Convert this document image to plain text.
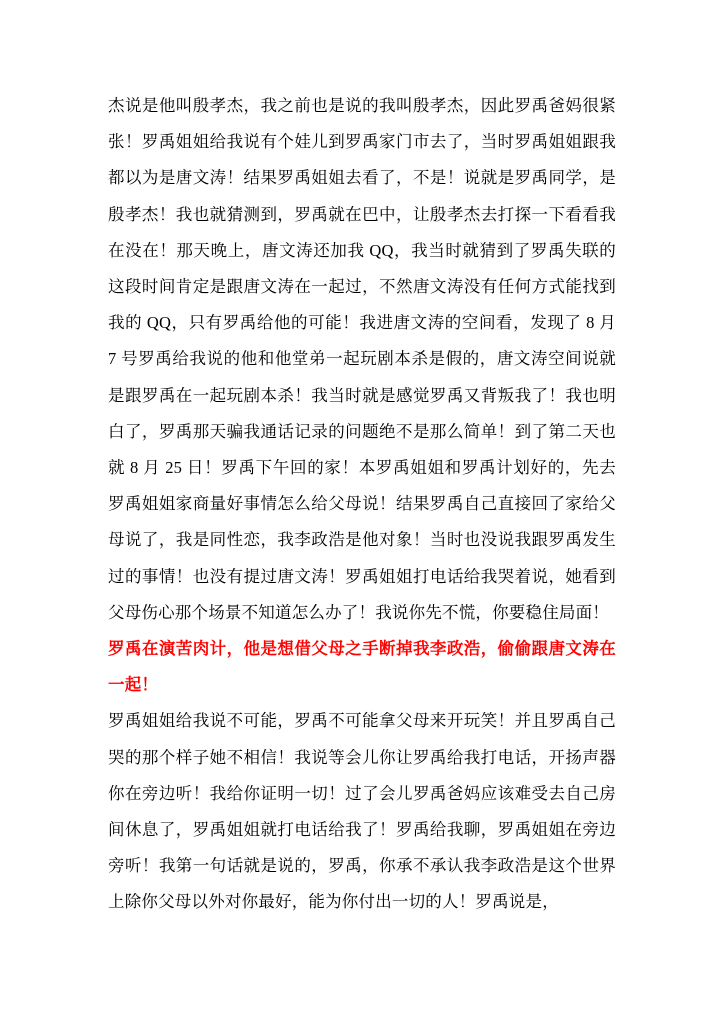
杰说是他叫殷孝杰，我之前也是说的我叫殷孝杰，因此罗禹爸妈很紧张！罗禹姐姐给我说有个娃儿到罗禹家门市去了，当时罗禹姐姐跟我都以为是唐文涛！结果罗禹姐姐去看了，不是！说就是罗禹同学，是殷孝杰！我也就猜测到，罗禹就在巴中，让殷孝杰去打探一下看看我在没在！那天晚上，唐文涛还加我 QQ，我当时就猜到了罗禹失联的这段时间肯定是跟唐文涛在一起过，不然唐文涛没有任何方式能找到我的 QQ，只有罗禹给他的可能！我进唐文涛的空间看，发现了 8 月 7 号罗禹给我说的他和他堂弟一起玩剧本杀是假的，唐文涛空间说就是跟罗禹在一起玩剧本杀！我当时就是感觉罗禹又背叛我了！我也明白了，罗禹那天骗我通话记录的问题绝不是那么简单！到了第二天也就 8 月 25 日！罗禹下午回的家！本罗禹姐姐和罗禹计划好的，先去罗禹姐姐家商量好事情怎么给父母说！结果罗禹自己直接回了家给父母说了，我是同性恋，我李政浩是他对象！当时也没说我跟罗禹发生过的事情！也没有提过唐文涛！罗禹姐姐打电话给我哭着说，她看到父母伤心那个场景不知道怎么办了！我说你先不慌，你要稳住局面！

罗禹在演苦肉计，他是想借父母之手断掉我李政浩，偷偷跟唐文涛在一起！

罗禹姐姐给我说不可能，罗禹不可能拿父母来开玩笑！并且罗禹自己哭的那个样子她不相信！我说等会儿你让罗禹给我打电话，开扬声器你在旁边听！我给你证明一切！过了会儿罗禹爸妈应该难受去自己房间休息了，罗禹姐姐就打电话给我了！罗禹给我聊，罗禹姐姐在旁边旁听！我第一句话就是说的，罗禹，你承不承认我李政浩是这个世界上除你父母以外对你最好，能为你付出一切的人！罗禹说是，
